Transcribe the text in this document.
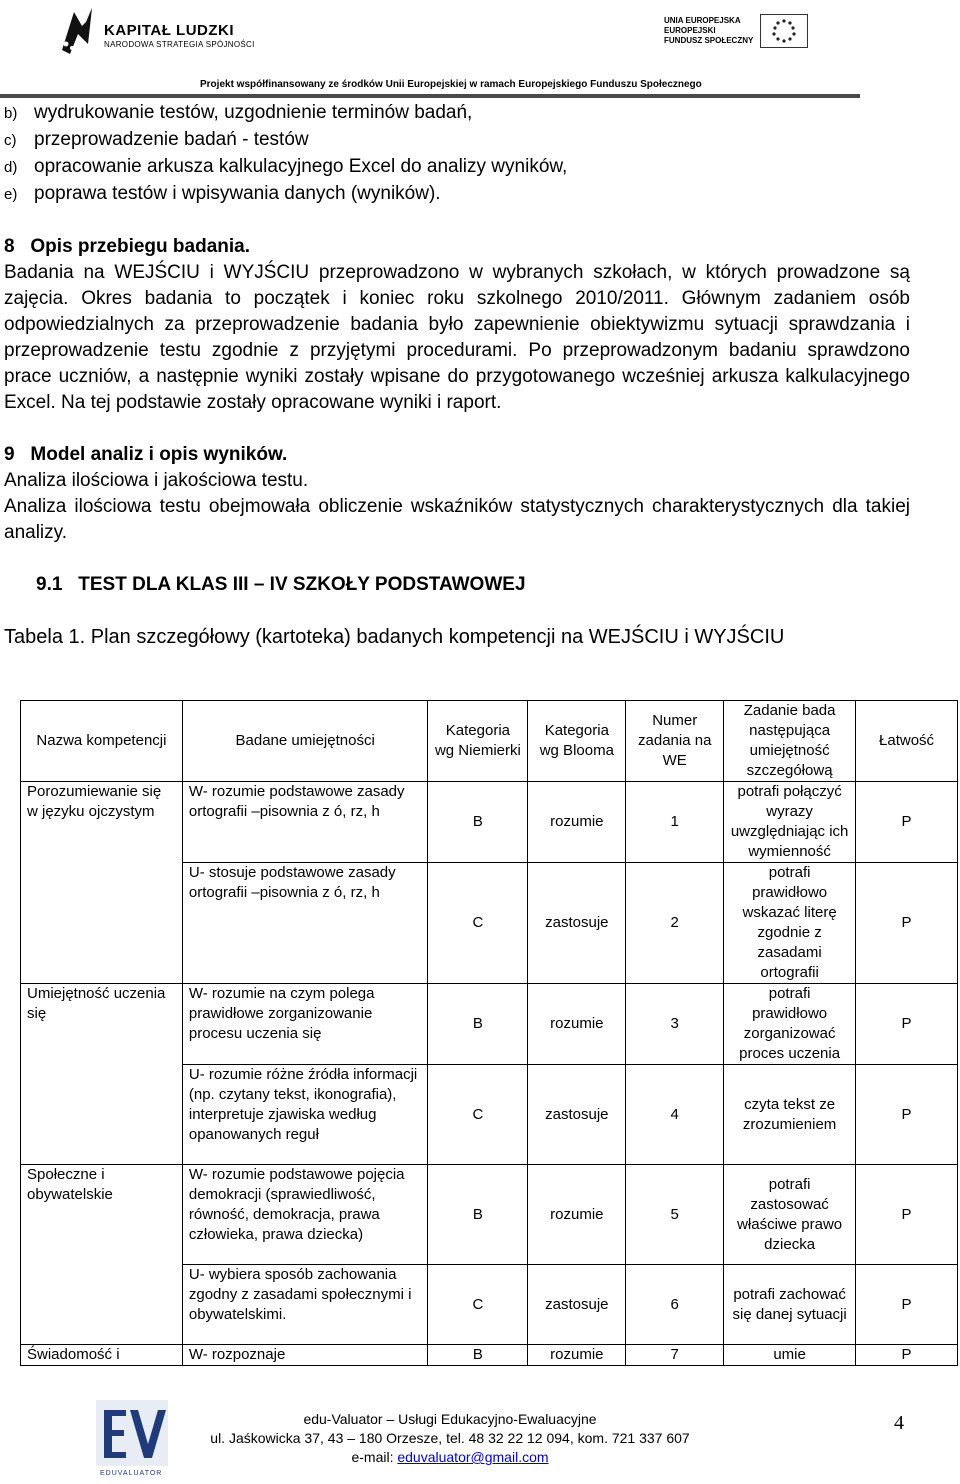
KAPITAŁ LUDZKI
NARODOWA STRATEGIA SPÓJNOŚCI
UNIA EUROPEJSKA
EUROPEJSKI
FUNDUSZ SPOŁECZNY
Projekt współfinansowany ze środków Unii Europejskiej w ramach Europejskiego Funduszu Społecznego
b) wydrukowanie testów, uzgodnienie terminów badań,
c) przeprowadzenie badań - testów
d) opracowanie arkusza kalkulacyjnego Excel do analizy wyników,
e) poprawa testów i wpisywania danych (wyników).
8   Opis przebiegu badania.
Badania na WEJŚCIU i WYJŚCIU przeprowadzono w wybranych szkołach, w których prowadzone są zajęcia. Okres badania to początek i koniec roku szkolnego 2010/2011. Głównym zadaniem osób odpowiedzialnych za przeprowadzenie badania było zapewnienie obiektywizmu sytuacji sprawdzania i przeprowadzenie testu zgodnie z przyjętymi procedurami. Po przeprowadzonym badaniu sprawdzono prace uczniów, a następnie wyniki zostały wpisane do przygotowanego wcześniej arkusza kalkulacyjnego Excel. Na tej podstawie zostały opracowane wyniki i raport.
9   Model analiz i opis wyników.
Analiza ilościowa i jakościowa testu.
Analiza ilościowa testu obejmowała obliczenie wskaźników statystycznych charakterystycznych dla takiej analizy.
9.1 TEST DLA KLAS III – IV SZKOŁY PODSTAWOWEJ
Tabela 1. Plan szczegółowy (kartoteka) badanych kompetencji na WEJŚCIU i WYJŚCIU
Nazwa kompetencji	Badane umiejętności	Kategoria wg Niemierki	Kategoria wg Blooma	Numer zadania na WE	Zadanie bada następująca umiejętność szczegółową	Łatwość
Porozumiewanie się w języku ojczystym	W- rozumie podstawowe zasady ortografii –pisownia z ó, rz, h	B	rozumie	1	potrafi połączyć wyrazy uwzględniając ich wymienność	P
	U- stosuje podstawowe zasady ortografii –pisownia z ó, rz, h	C	zastosuje	2	potrafi prawidłowo wskazać literę zgodnie z zasadami ortografii	P
Umiejętność uczenia się	W- rozumie na czym polega prawidłowe zorganizowanie procesu uczenia się	B	rozumie	3	potrafi prawidłowo zorganizować proces uczenia	P
	U- rozumie różne źródła informacji (np. czytany tekst, ikonografia), interpretuje zjawiska według opanowanych reguł	C	zastosuje	4	czyta tekst ze zrozumieniem	P
Społeczne i obywatelskie	W- rozumie podstawowe pojęcia demokracji (sprawiedliwość, równość, demokracja, prawa człowieka, prawa dziecka)	B	rozumie	5	potrafi zastosować właściwe prawo dziecka	P
	U- wybiera sposób zachowania zgodny z zasadami społecznymi i obywatelskimi.	C	zastosuje	6	potrafi zachować się danej sytuacji	P
Świadomość i	W- rozpoznaje	B	rozumie	7	umie	P
EDUVALUATOR
edu-Valuator – Usługi Edukacyjno-Ewaluacyjne
ul. Jaśkowicka 37, 43 – 180 Orzesze, tel. 48 32 22 12 094, kom. 721 337 607
e-mail: eduvaluator@gmail.com
4
